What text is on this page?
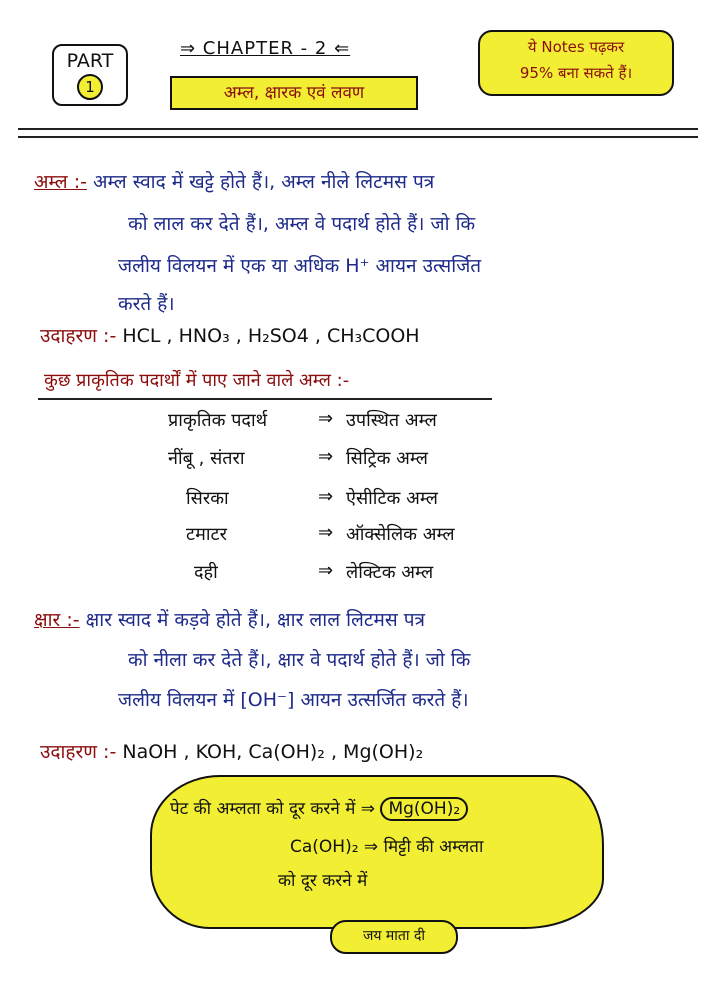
PART
1
⇒ CHAPTER - 2 ⇐
अम्ल, क्षारक एवं लवण
ये Notes पढ़कर
95% बना सकते हैं।
अम्ल :- अम्ल स्वाद में खट्टे होते हैं।, अम्ल नीले लिटमस पत्र
को लाल कर देते हैं।, अम्ल वे पदार्थ होते हैं। जो कि
जलीय विलयन में एक या अधिक H⁺ आयन उत्सर्जित
करते हैं।
उदाहरण :- HCL , HNO₃ , H₂SO4 , CH₃COOH
कुछ प्राकृतिक पदार्थों में पाए जाने वाले अम्ल :-
प्राकृतिक पदार्थ	⇒ उपस्थित अम्ल
नींबू , संतरा	⇒ सिट्रिक अम्ल
सिरका	⇒ ऐसीटिक अम्ल
टमाटर	⇒ ऑक्सेलिक अम्ल
दही	⇒ लेक्टिक अम्ल
क्षार :- क्षार स्वाद में कड़वे होते हैं।, क्षार लाल लिटमस पत्र
को नीला कर देते हैं।, क्षार वे पदार्थ होते हैं। जो कि
जलीय विलयन में [OH⁻] आयन उत्सर्जित करते हैं।
उदाहरण :- NaOH , KOH, Ca(OH)₂ , Mg(OH)₂
पेट की अम्लता को दूर करने में ⇒ Mg(OH)₂
Ca(OH)₂ ⇒ मिट्टी की अम्लता
को दूर करने में
जय माता दी
